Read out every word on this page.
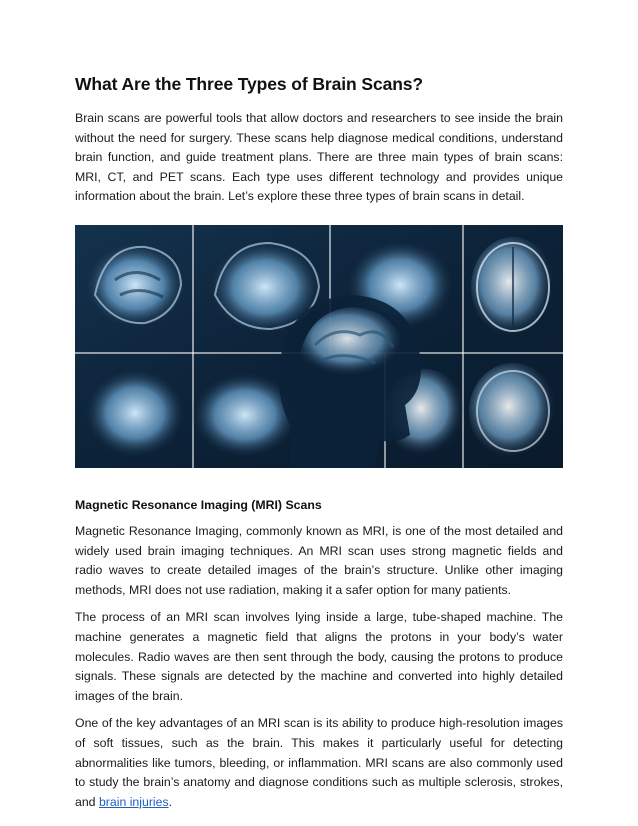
What Are the Three Types of Brain Scans?

Brain scans are powerful tools that allow doctors and researchers to see inside the brain without the need for surgery. These scans help diagnose medical conditions, understand brain function, and guide treatment plans. There are three main types of brain scans: MRI, CT, and PET scans. Each type uses different technology and provides unique information about the brain. Let’s explore these three types of brain scans in detail.

Magnetic Resonance Imaging (MRI) Scans

Magnetic Resonance Imaging, commonly known as MRI, is one of the most detailed and widely used brain imaging techniques. An MRI scan uses strong magnetic fields and radio waves to create detailed images of the brain’s structure. Unlike other imaging methods, MRI does not use radiation, making it a safer option for many patients.

The process of an MRI scan involves lying inside a large, tube-shaped machine. The machine generates a magnetic field that aligns the protons in your body’s water molecules. Radio waves are then sent through the body, causing the protons to produce signals. These signals are detected by the machine and converted into highly detailed images of the brain.

One of the key advantages of an MRI scan is its ability to produce high-resolution images of soft tissues, such as the brain. This makes it particularly useful for detecting abnormalities like tumors, bleeding, or inflammation. MRI scans are also commonly used to study the brain’s anatomy and diagnose conditions such as multiple sclerosis, strokes, and brain injuries.
